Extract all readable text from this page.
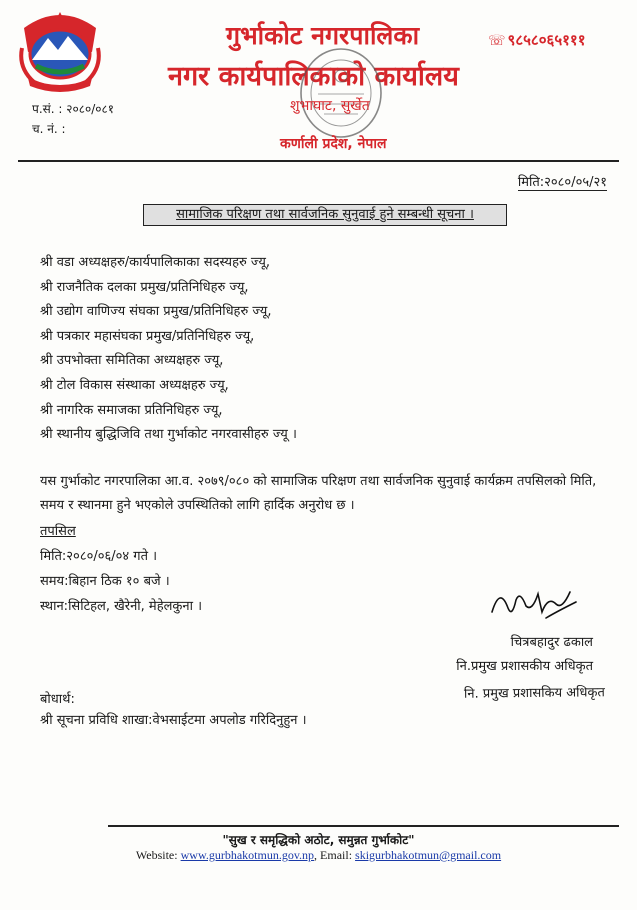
गुर्भाकोट नगरपालिका
नगर कार्यपालिकाको कार्यालय
☏ ९८५८०६५१११
शुभाघाट, सुर्खेत
कर्णाली प्रदेश, नेपाल
प.सं. : २०८०/०८१
च. नं. :
मिति:२०८०/०५/२१
सामाजिक परिक्षण तथा सार्वजनिक सुनुवाई हुने सम्बन्धी सूचना ।
श्री वडा अध्यक्षहरु/कार्यपालिकाका सदस्यहरु ज्यू,
श्री राजनैतिक दलका प्रमुख/प्रतिनिधिहरु ज्यू,
श्री उद्योग वाणिज्य संघका प्रमुख/प्रतिनिधिहरु ज्यू,
श्री पत्रकार महासंघका प्रमुख/प्रतिनिधिहरु ज्यू,
श्री उपभोक्ता समितिका अध्यक्षहरु ज्यू,
श्री टोल विकास संस्थाका अध्यक्षहरु ज्यू,
श्री नागरिक समाजका प्रतिनिधिहरु ज्यू,
श्री स्थानीय बुद्धिजिवि तथा गुर्भाकोट नगरवासीहरु ज्यू ।
यस गुर्भाकोट नगरपालिका आ.व. २०७९/०८० को सामाजिक परिक्षण तथा सार्वजनिक सुनुवाई कार्यक्रम तपसिलको मिति, समय र स्थानमा हुने भएकोले उपस्थितिको लागि हार्दिक अनुरोध छ ।
तपसिल
मिति:२०८०/०६/०४ गते ।
समय:बिहान ठिक १० बजे ।
स्थान:सिटिहल, खैरेनी, मेहेलकुना ।
चित्रबहादुर ढकाल
नि.प्रमुख प्रशासकीय अधिकृत
नि. प्रमुख प्रशासकिय अधिकृत
बोधार्थ:
श्री सूचना प्रविधि शाखा:वेभसाईटमा अपलोड गरिदिनुहुन ।
"सुख र समृद्धिको अठोट, समुन्नत गुर्भाकोट"
Website: www.gurbhakotmun.gov.np, Email: skigurbhakotmun@gmail.com
